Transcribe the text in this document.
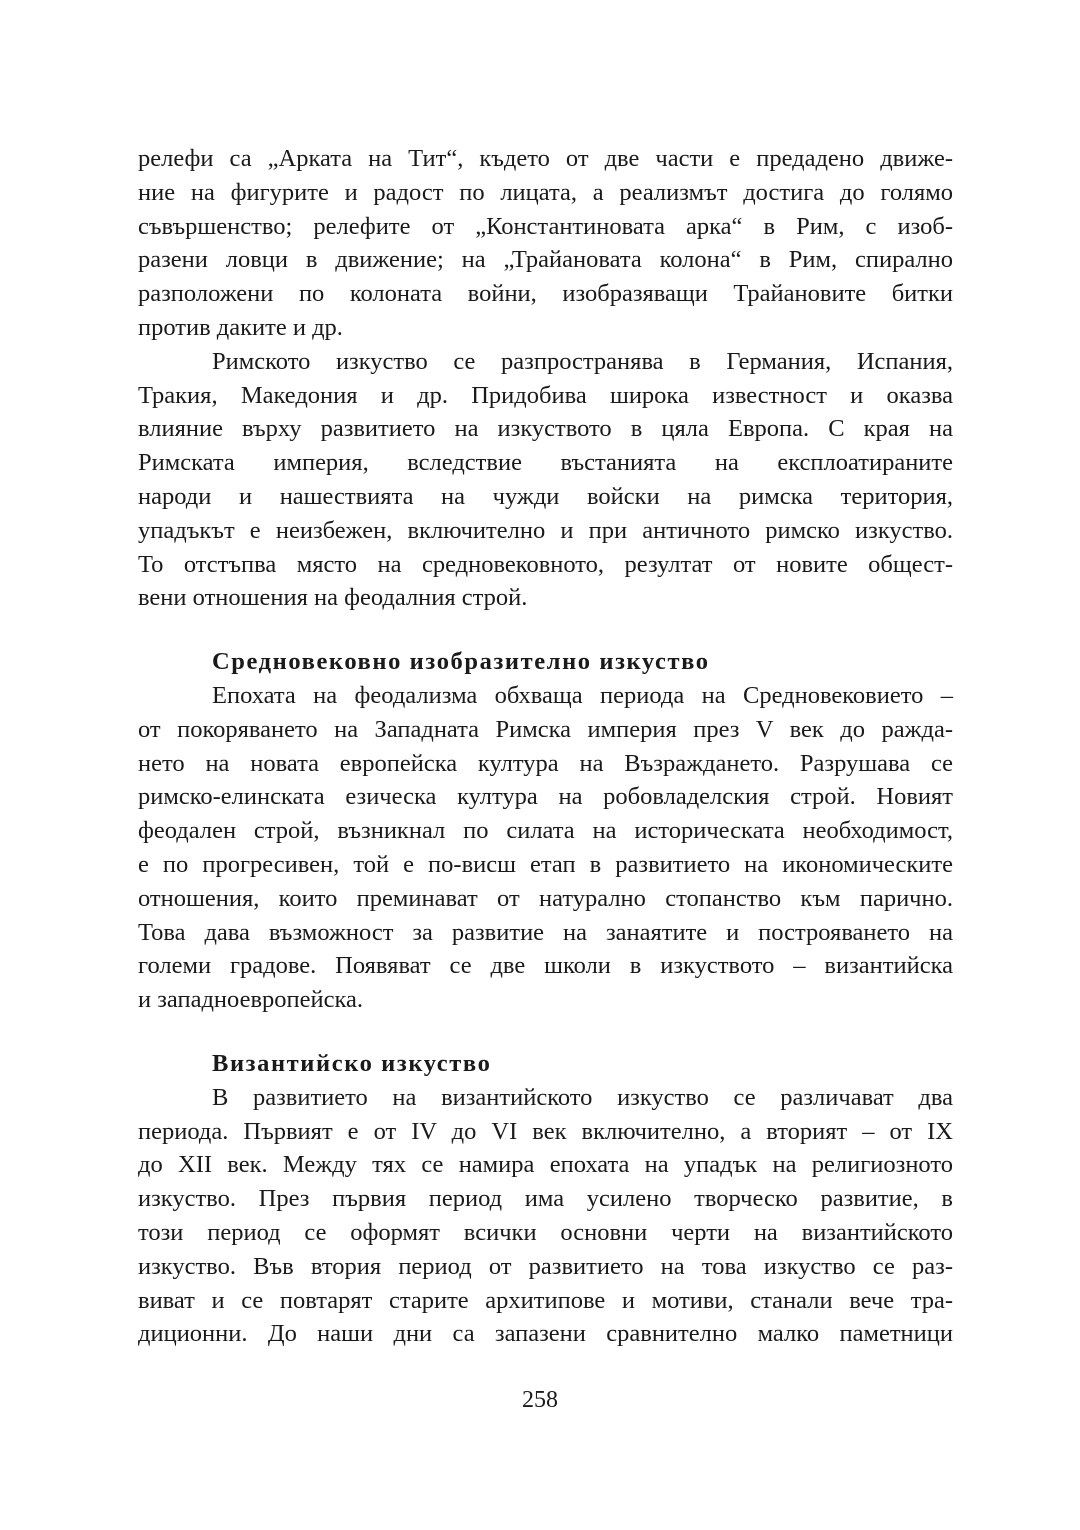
релефи са „Арката на Тит“, където от две части е предадено движе-
ние на фигурите и радост по лицата, а реализмът достига до голямо
съвършенство; релефите от „Константиновата арка“ в Рим, с изоб-
разени ловци в движение; на „Трайановата колона“ в Рим, спирално
разположени по колоната войни, изобразяващи Трайановите битки
против даките и др.
Римското изкуство се разпространява в Германия, Испания,
Тракия, Македония и др. Придобива широка известност и оказва
влияние върху развитието на изкуството в цяла Европа. С края на
Римската империя, вследствие въстанията на експлоатираните
народи и нашествията на чужди войски на римска територия,
упадъкът е неизбежен, включително и при античното римско изкуство.
То отстъпва място на средновековното, резултат от новите общест-
вени отношения на феодалния строй.
Средновековно изобразително изкуство
Епохата на феодализма обхваща периода на Средновековието –
от покоряването на Западната Римска империя през V век до ражда-
нето на новата европейска култура на Възраждането. Разрушава се
римско-елинската езическа култура на робовладелския строй. Новият
феодален строй, възникнал по силата на историческата необходимост,
е по прогресивен, той е по-висш етап в развитието на икономическите
отношения, които преминават от натурално стопанство към парично.
Това дава възможност за развитие на занаятите и построяването на
големи градове. Появяват се две школи в изкуството – византийска
и западноевропейска.
Византийско изкуство
В развитието на византийското изкуство се различават два
периода. Първият е от IV до VI век включително, а вторият – от IX
до XII век. Между тях се намира епохата на упадък на религиозното
изкуство. През първия период има усилено творческо развитие, в
този период се оформят всички основни черти на византийското
изкуство. Във втория период от развитието на това изкуство се раз-
виват и се повтарят старите архитипове и мотиви, станали вече тра-
диционни. До наши дни са запазени сравнително малко паметници
258
